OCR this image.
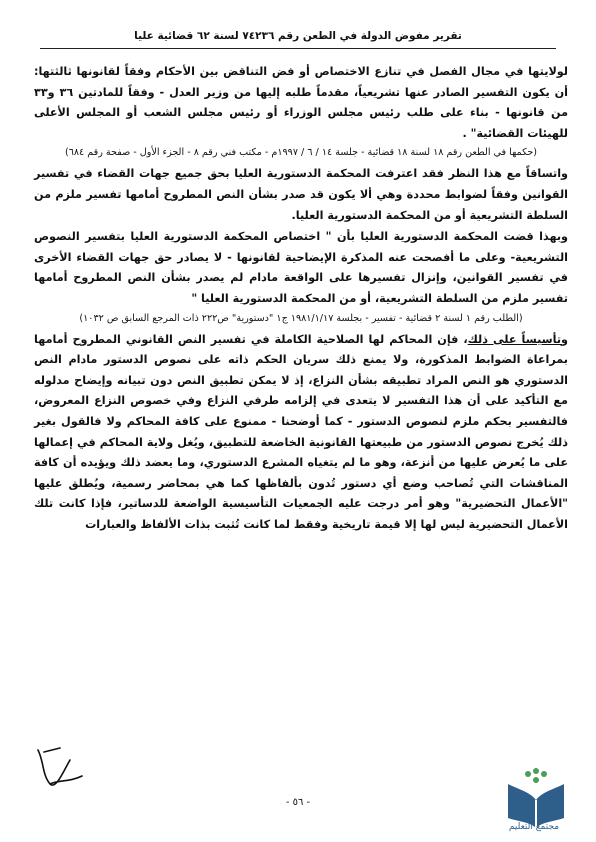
تقرير مفوض الدولة في الطعن رقم ٧٤٢٣٦ لسنة ٦٢ قضائية عليا

لولايتها في مجال الفصل في تنازع الاختصاص أو فض التناقض بين الأحكام وفقاً لقانونها ثالثتها: أن يكون التفسير الصادر عنها تشريعياً، مقدماً طلبه إليها من وزير العدل - وفقاً للمادتين ٣٦ و٣٣ من قانونها - بناء على طلب رئيس مجلس الوزراء أو رئيس مجلس الشعب أو المجلس الأعلى للهيئات القضائية" .

(حكمها في الطعن رقم ١٨ لسنة ١٨ قضائية - جلسة ١٤ / ٦ / ١٩٩٧م - مكتب فني رقم ٨ - الجزء الأول - صفحة رقم ٦٨٤)

واتساقاً مع هذا النظر فقد اعترفت المحكمة الدستورية العليا بحق جميع جهات القضاء في تفسير القوانين وفقاً لضوابط محددة وهي ألا يكون قد صدر بشأن النص المطروح أمامها تفسير ملزم من السلطة التشريعية أو من المحكمة الدستورية العليا.

وبهذا قضت المحكمة الدستورية العليا بأن " اختصاص المحكمة الدستورية العليا بتفسير النصوص التشريعية- وعلى ما أفصحت عنه المذكرة الإيضاحية لقانونها - لا يصادر حق جهات القضاء الأخرى في تفسير القوانين، وإنزال تفسيرها على الواقعة مادام لم يصدر بشأن النص المطروح أمامها تفسير ملزم من السلطة التشريعية، أو من المحكمة الدستورية العليا "

(الطلب رقم ١ لسنة ٢ قضائية - تفسير - بجلسة ١٩٨١/١/١٧ ج١ "دستورية" ص٢٢٢ ذات المرجع السابق ص ١٠٣٢)

وتأسيساً على ذلك، فإن المحاكم لها الصلاحية الكاملة في تفسير النص القانوني المطروح أمامها بمراعاة الضوابط المذكورة، ولا يمنع ذلك سريان الحكم ذاته على نصوص الدستور مادام النص الدستوري هو النص المراد تطبيقه بشأن النزاع، إذ لا يمكن تطبيق النص دون تبيانه وإيضاح مدلوله مع التأكيد على أن هذا التفسير لا يتعدى في إلزامه طرفي النزاع وفي خصوص النزاع المعروض، فالتفسير بحكم ملزم لنصوص الدستور - كما أوضحنا - ممنوع على كافة المحاكم ولا فالقول بغير ذلك يُخرج نصوص الدستور من طبيعتها القانونية الخاضعة للتطبيق، ويُغل ولاية المحاكم في إعمالها على ما يُعرض عليها من أنزعة، وهو ما لم يتغياه المشرع الدستوري، وما يعضد ذلك ويؤيده أن كافة المناقشات التي تُصاحب وضع أي دستور تُدون بألفاظها كما هي بمحاضر رسمية، ويُطلق عليها "الأعمال التحضيرية" وهو أمر درجت عليه الجمعيات التأسيسية الواضعة للدساتير، فإذا كانت تلك الأعمال التحضيرية ليس لها إلا قيمة تاريخية وفقط لما كانت تُثبت بذات الألفاظ والعبارات

- ٥٦ -
مجتمع التعليم
